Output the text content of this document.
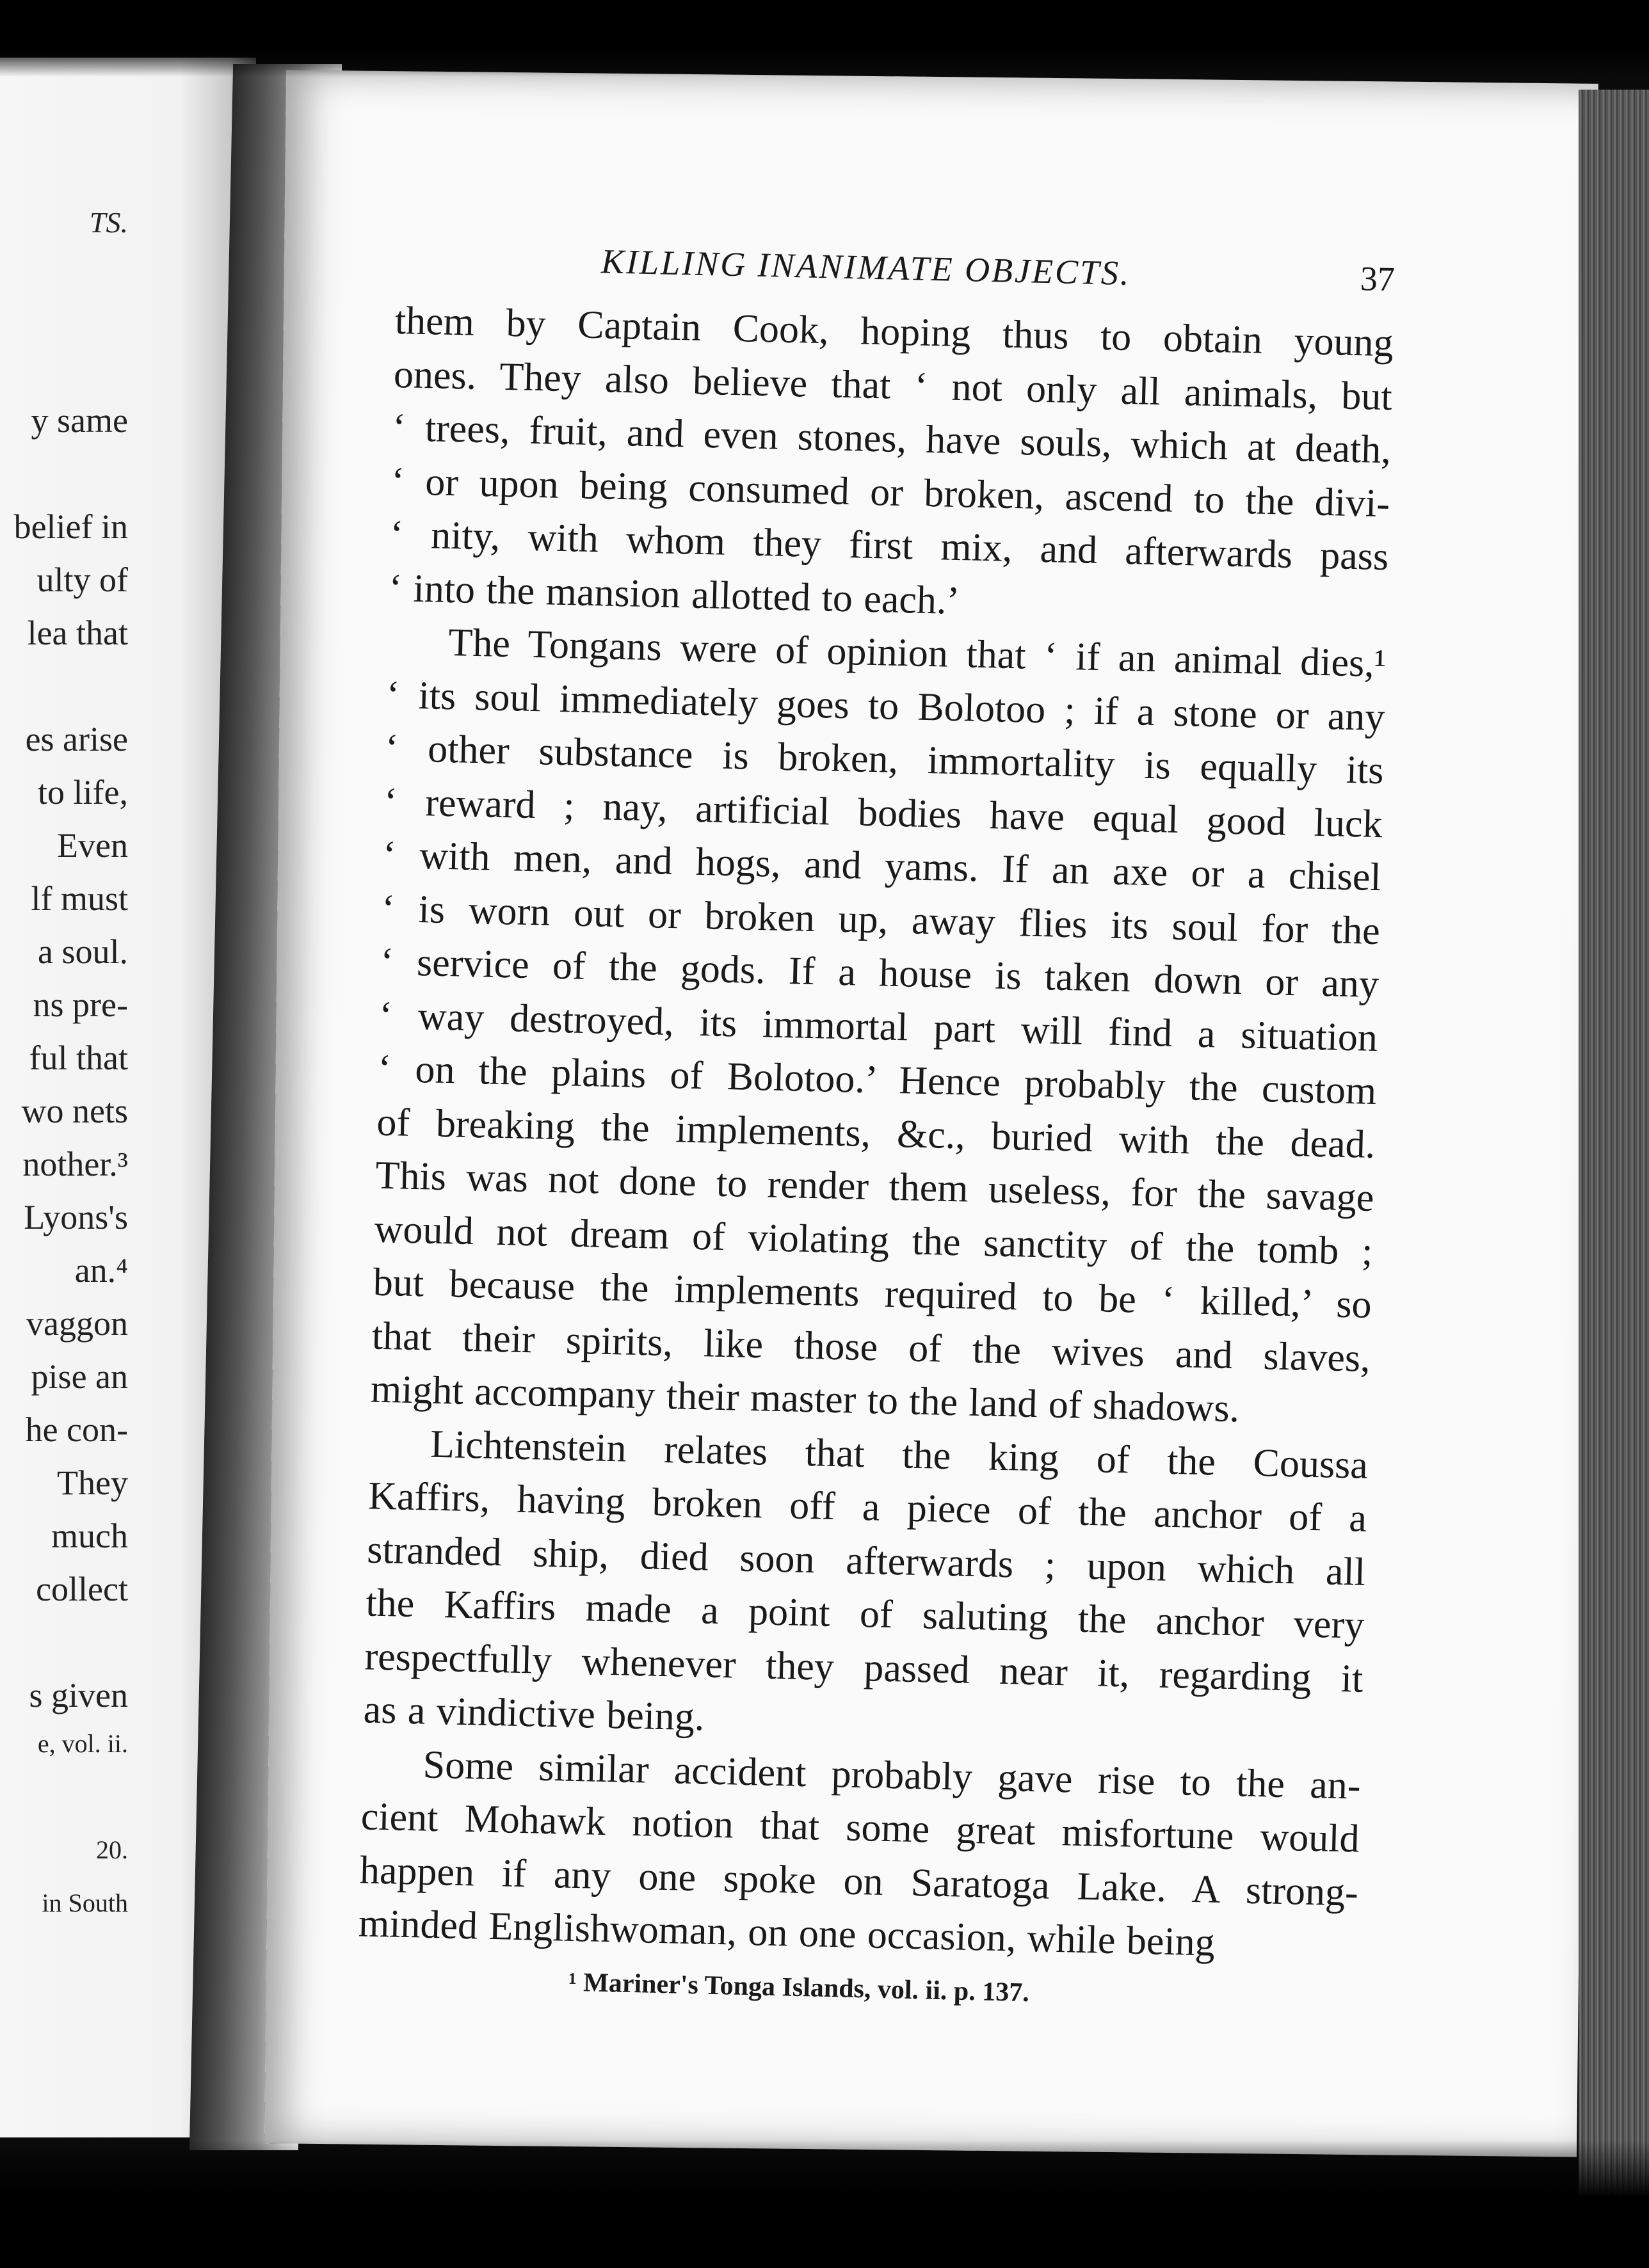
TS.
y same
belief in
ulty of
lea that
es arise
to life,
Even
lf must
a soul.
ns pre-
ful that
wo nets
nother.³
Lyons's
an.⁴
vaggon
pise an
he con-
They
much
collect
s given
e, vol. ii.
20.
in South
KILLING INANIMATE OBJECTS.	37
them by Captain Cook, hoping thus to obtain young
ones. They also believe that ‘ not only all animals, but
‘ trees, fruit, and even stones, have souls, which at death,
‘ or upon being consumed or broken, ascend to the divi-
‘ nity, with whom they first mix, and afterwards pass
‘ into the mansion allotted to each.’
The Tongans were of opinion that ‘ if an animal dies,¹
‘ its soul immediately goes to Bolotoo ; if a stone or any
‘ other substance is broken, immortality is equally its
‘ reward ; nay, artificial bodies have equal good luck
‘ with men, and hogs, and yams. If an axe or a chisel
‘ is worn out or broken up, away flies its soul for the
‘ service of the gods. If a house is taken down or any
‘ way destroyed, its immortal part will find a situation
‘ on the plains of Bolotoo.’ Hence probably the custom
of breaking the implements, &c., buried with the dead.
This was not done to render them useless, for the savage
would not dream of violating the sanctity of the tomb ;
but because the implements required to be ‘ killed,’ so
that their spirits, like those of the wives and slaves,
might accompany their master to the land of shadows.
Lichtenstein relates that the king of the Coussa
Kaffirs, having broken off a piece of the anchor of a
stranded ship, died soon afterwards ; upon which all
the Kaffirs made a point of saluting the anchor very
respectfully whenever they passed near it, regarding it
as a vindictive being.
Some similar accident probably gave rise to the an-
cient Mohawk notion that some great misfortune would
happen if any one spoke on Saratoga Lake. A strong-
minded Englishwoman, on one occasion, while being
¹ Mariner's Tonga Islands, vol. ii. p. 137.
